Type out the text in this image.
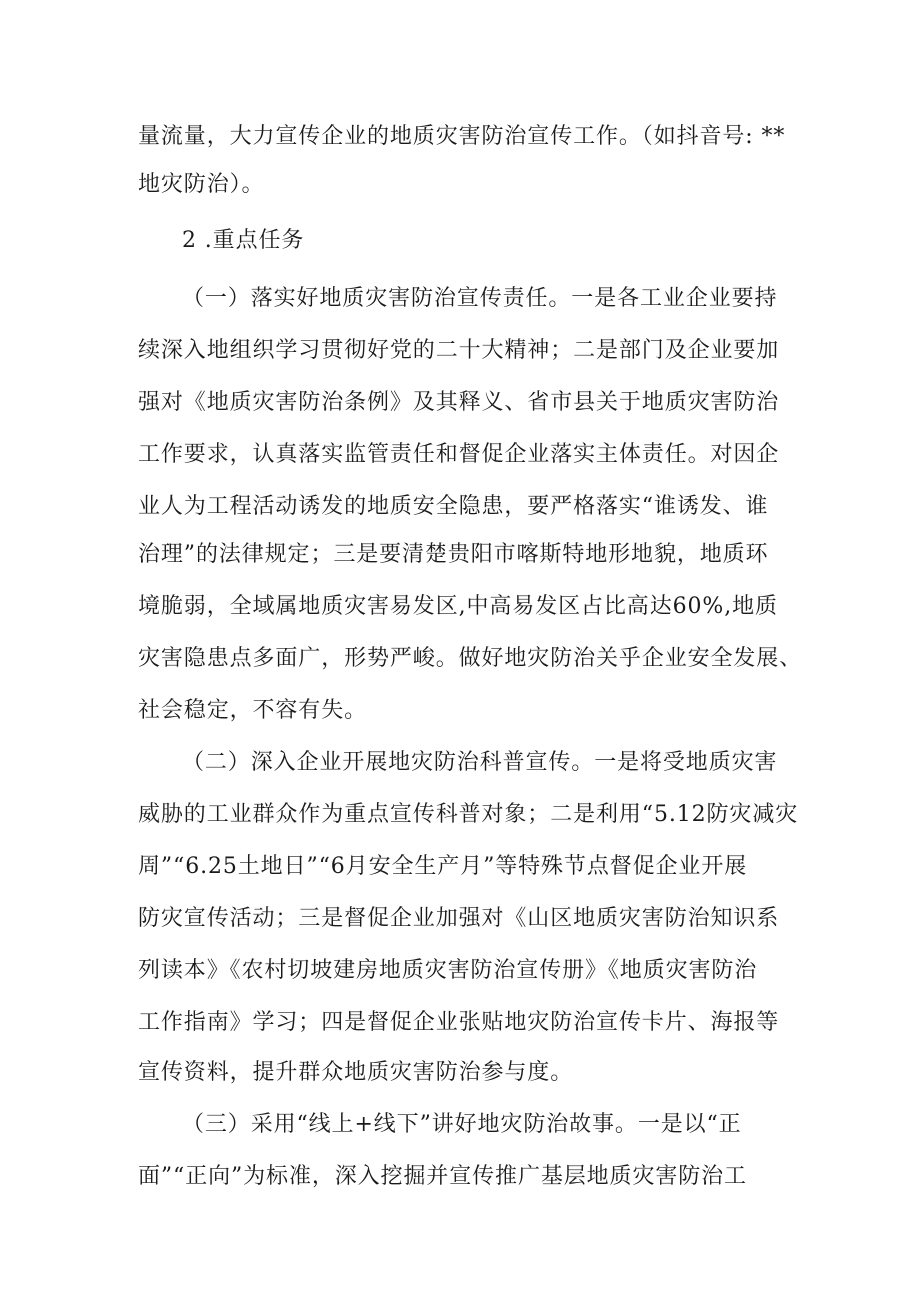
量流量，大力宣传企业的地质灾害防治宣传工作。（如抖音号: **
地灾防治）。
2 .重点任务
（一）落实好地质灾害防治宣传责任。一是各工业企业要持
续深入地组织学习贯彻好党的二十大精神；二是部门及企业要加
强对《地质灾害防治条例》及其释义、省市县关于地质灾害防治
工作要求，认真落实监管责任和督促企业落实主体责任。对因企
业人为工程活动诱发的地质安全隐患，要严格落实“谁诱发、谁
治理”的法律规定；三是要清楚贵阳市喀斯特地形地貌，地质环
境脆弱，全域属地质灾害易发区,中高易发区占比高达60%,地质
灾害隐患点多面广，形势严峻。做好地灾防治关乎企业安全发展、
社会稳定，不容有失。
（二）深入企业开展地灾防治科普宣传。一是将受地质灾害
威胁的工业群众作为重点宣传科普对象；二是利用“5.12防灾减灾
周”“6.25土地日”“6月安全生产月”等特殊节点督促企业开展
防灾宣传活动；三是督促企业加强对《山区地质灾害防治知识系
列读本》《农村切坡建房地质灾害防治宣传册》《地质灾害防治
工作指南》学习；四是督促企业张贴地灾防治宣传卡片、海报等
宣传资料，提升群众地质灾害防治参与度。
（三）采用“线上+线下”讲好地灾防治故事。一是以“正
面”“正向”为标准，深入挖掘并宣传推广基层地质灾害防治工
